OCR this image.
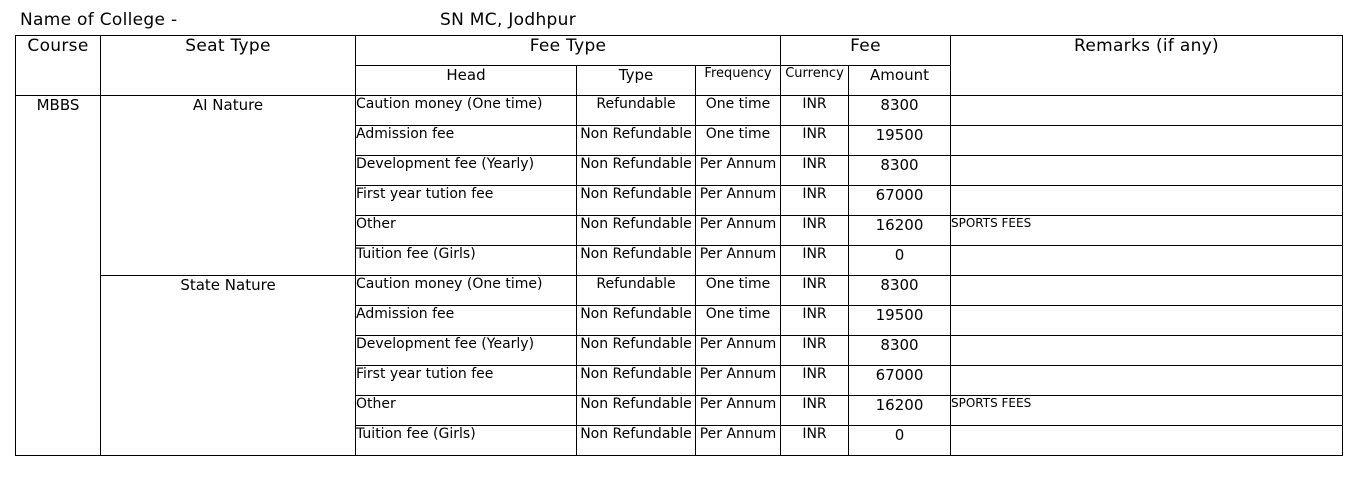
Name of College -	SN MC, Jodhpur
Course	Seat Type	Fee Type			Fee		Remarks (if any)
		Head	Type	Frequency	Currency	Amount	
MBBS	AI Nature	Caution money (One time)	Refundable	One time	INR	8300	
		Admission fee	Non Refundable	One time	INR	19500	
		Development fee (Yearly)	Non Refundable	Per Annum	INR	8300	
		First year tution fee	Non Refundable	Per Annum	INR	67000	
		Other	Non Refundable	Per Annum	INR	16200	SPORTS FEES
		Tuition fee (Girls)	Non Refundable	Per Annum	INR	0	
	State Nature	Caution money (One time)	Refundable	One time	INR	8300	
		Admission fee	Non Refundable	One time	INR	19500	
		Development fee (Yearly)	Non Refundable	Per Annum	INR	8300	
		First year tution fee	Non Refundable	Per Annum	INR	67000	
		Other	Non Refundable	Per Annum	INR	16200	SPORTS FEES
		Tuition fee (Girls)	Non Refundable	Per Annum	INR	0	
